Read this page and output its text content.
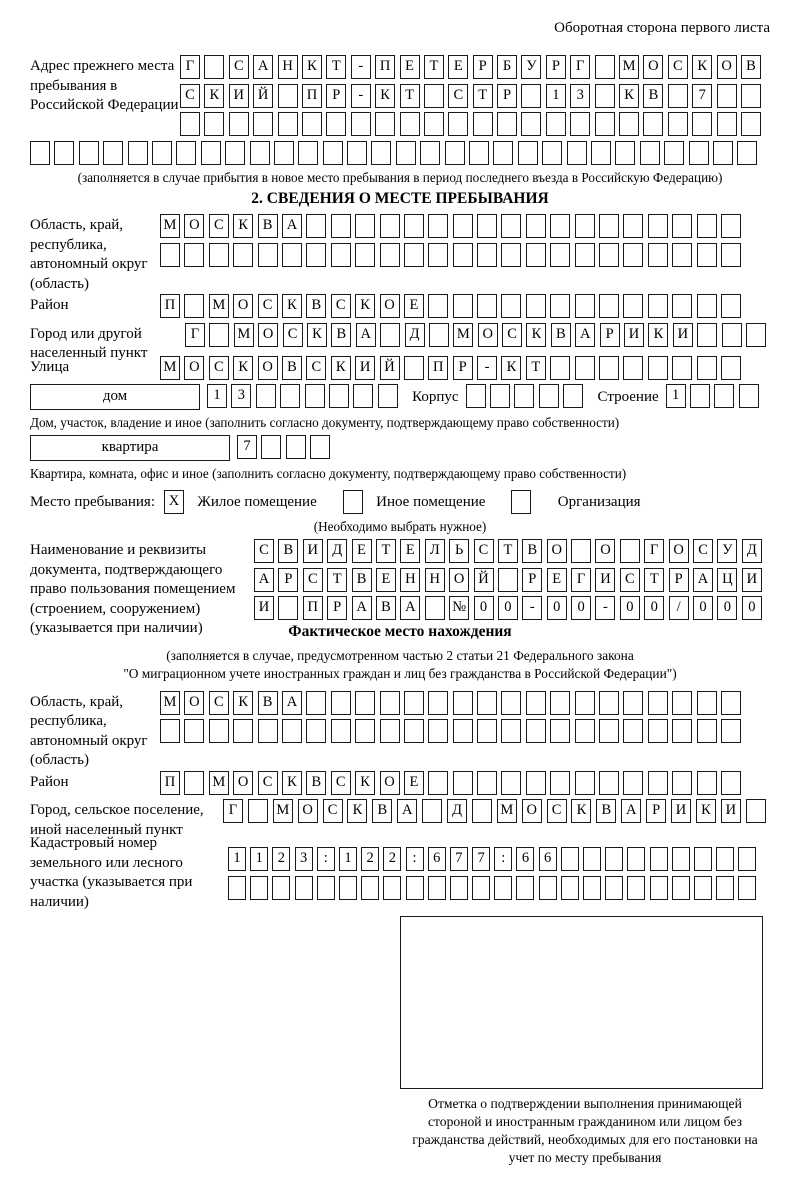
Оборотная сторона первого листа
Адрес прежнего места пребывания в Российской Федерации
Г	С А Н К Т - П Е Т Е Р Б У Р Г	М О С К О В
С К И Й	П Р - К Т	С Т Р	1 3	К В	7
(заполняется в случае прибытия в новое место пребывания в период последнего въезда в Российскую Федерацию)
2. СВЕДЕНИЯ О МЕСТЕ ПРЕБЫВАНИЯ
Область, край, республика, автономный округ (область)
М О С К В А
Район	П	М О С К В С К О Е
Город или другой населенный пункт
Г	М О С К В А	Д	М О С К В А Р И К И
Улица	М О С К О В С К И Й	П Р - К Т
дом	1 3	Корпус	Строение 1
Дом, участок, владение и иное (заполнить согласно документу, подтверждающему право собственности)
квартира	7
Квартира, комната, офис и иное (заполнить согласно документу, подтверждающему право собственности)
Место пребывания: X Жилое помещение	Иное помещение	Организация
(Необходимо выбрать нужное)
Наименование и реквизиты документа, подтверждающего право пользования помещением (строением, сооружением) (указывается при наличии)
С В И Д Е Т Е Л Ь С Т В О	О	Г О С У Д
А Р С Т В Е Н Н О Й	Р Е Г И С Т Р А Ц И
И	П Р А В А	№ 0 0 - 0 0 - 0 0 / 0 0 0
Фактическое место нахождения
(заполняется в случае, предусмотренном частью 2 статьи 21 Федерального закона
"О миграционном учете иностранных граждан и лиц без гражданства в Российской Федерации")
Область, край, республика, автономный округ (область)
М О С К В А
Район	П	М О С К В С К О Е
Город, сельское поселение, иной населенный пункт
Г	М О С К В А	Д	М О С К В А Р И К И
Кадастровый номер земельного или лесного участка (указывается при наличии)
1 1 2 3 : 1 2 2 : 6 7 7 : 6 6
Отметка о подтверждении выполнения принимающей стороной и иностранным гражданином или лицом без гражданства действий, необходимых для его постановки на учет по месту пребывания
